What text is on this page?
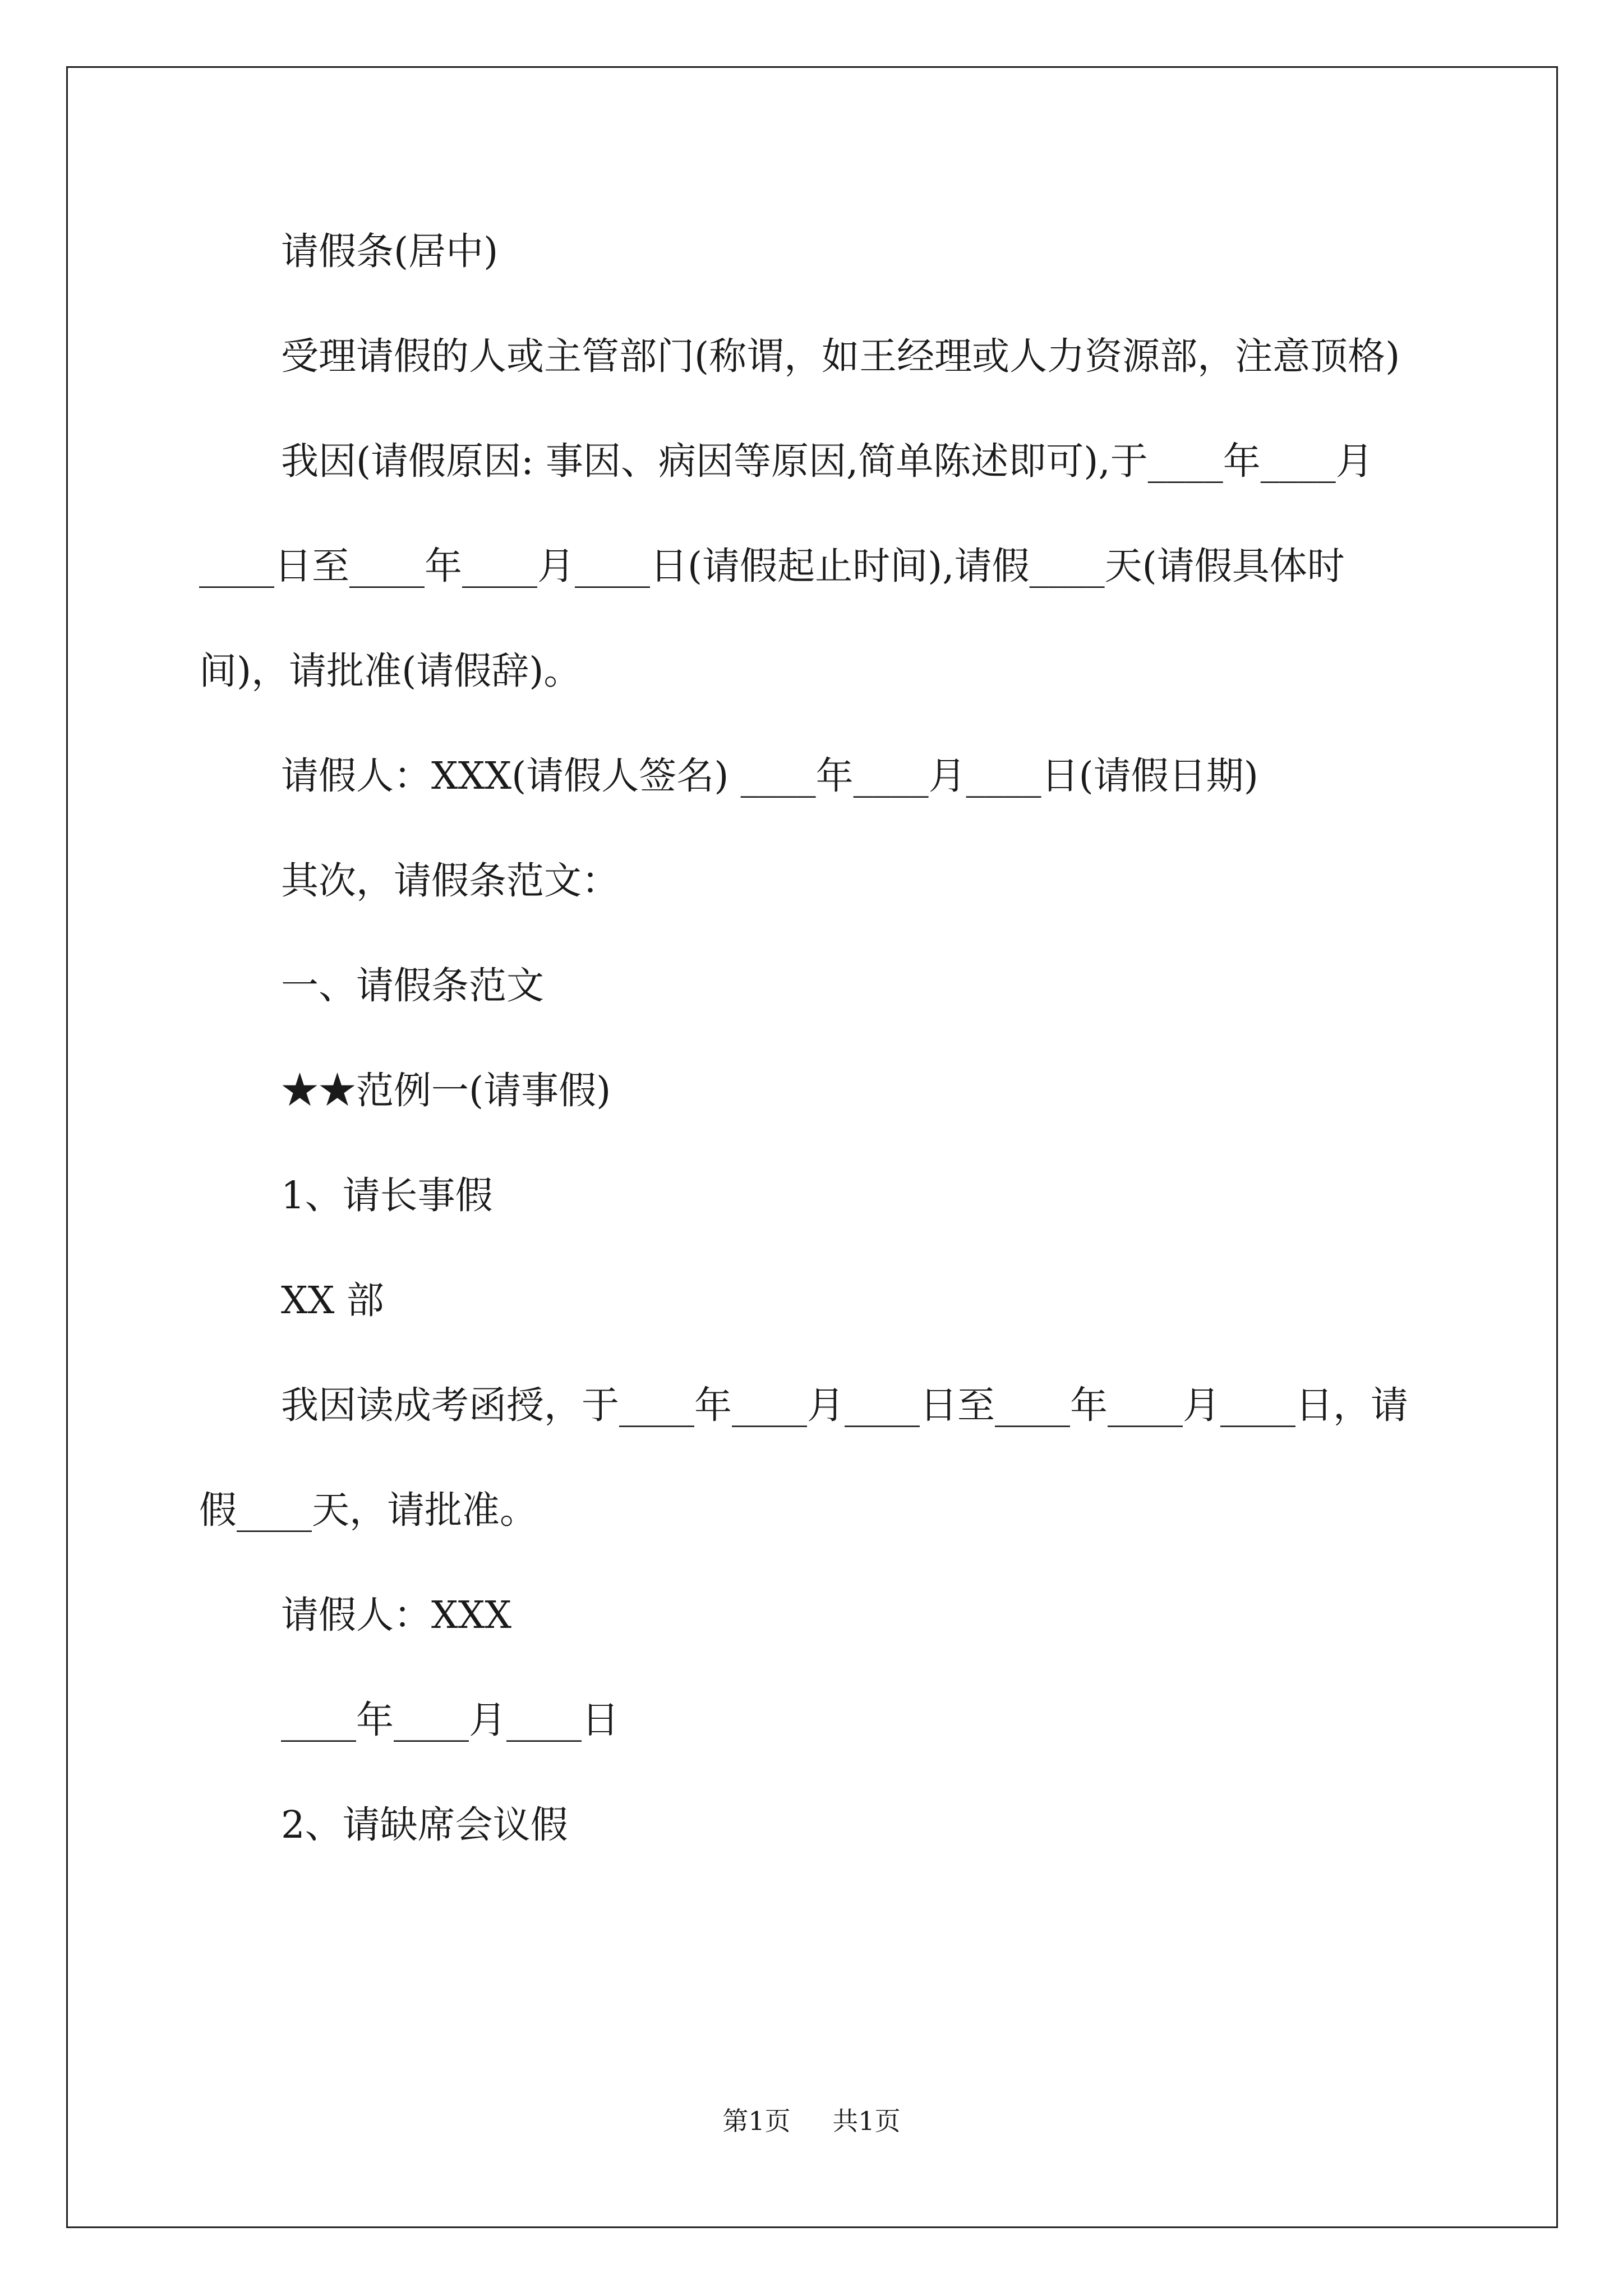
请假条(居中)

受理请假的人或主管部门(称谓，如王经理或人力资源部，注意顶格)

我因(请假原因: 事因、病因等原因,简单陈述即可),于____年____月____日至____年____月____日(请假起止时间),请假____天(请假具体时间)，请批准(请假辞)。

请假人：XXX(请假人签名) ____年____月____日(请假日期)

其次，请假条范文：

一、请假条范文

★★范例一(请事假)

1、请长事假

XX 部

我因读成考函授，于____年____月____日至____年____月____日，请假____天，请批准。

请假人：XXX

____年____月____日

2、请缺席会议假

第1页 共1页
